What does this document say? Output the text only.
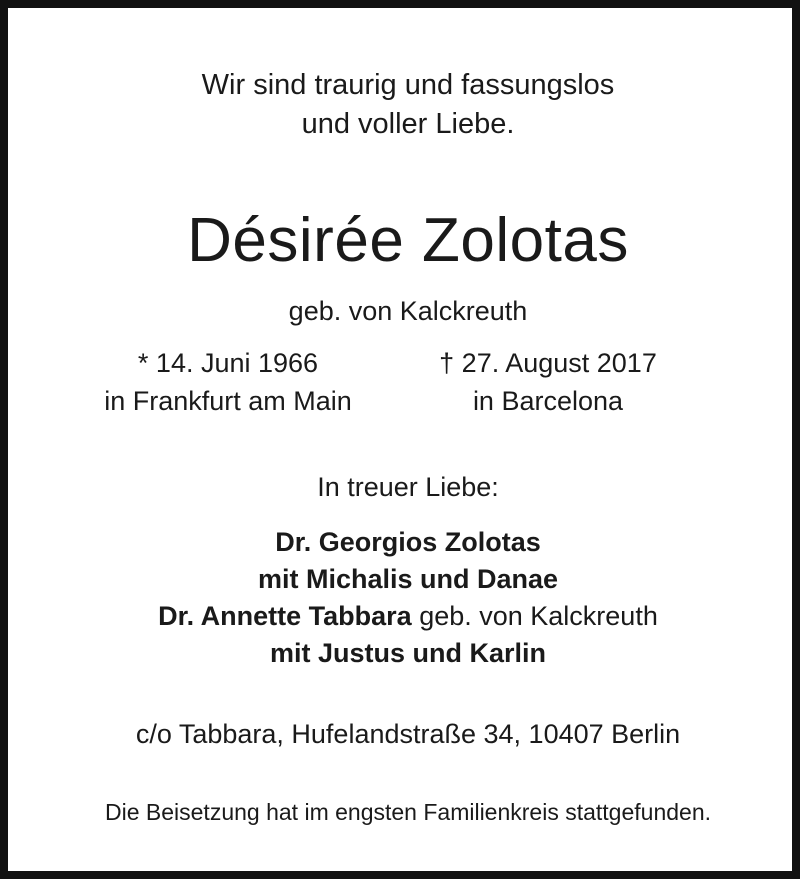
Wir sind traurig und fassungslos
und voller Liebe.
Désirée Zolotas
geb. von Kalckreuth
* 14. Juni 1966
in Frankfurt am Main
† 27. August 2017
in Barcelona
In treuer Liebe:
Dr. Georgios Zolotas
mit Michalis und Danae
Dr. Annette Tabbara geb. von Kalckreuth
mit Justus und Karlin
c/o Tabbara, Hufelandstraße 34, 10407 Berlin
Die Beisetzung hat im engsten Familienkreis stattgefunden.
